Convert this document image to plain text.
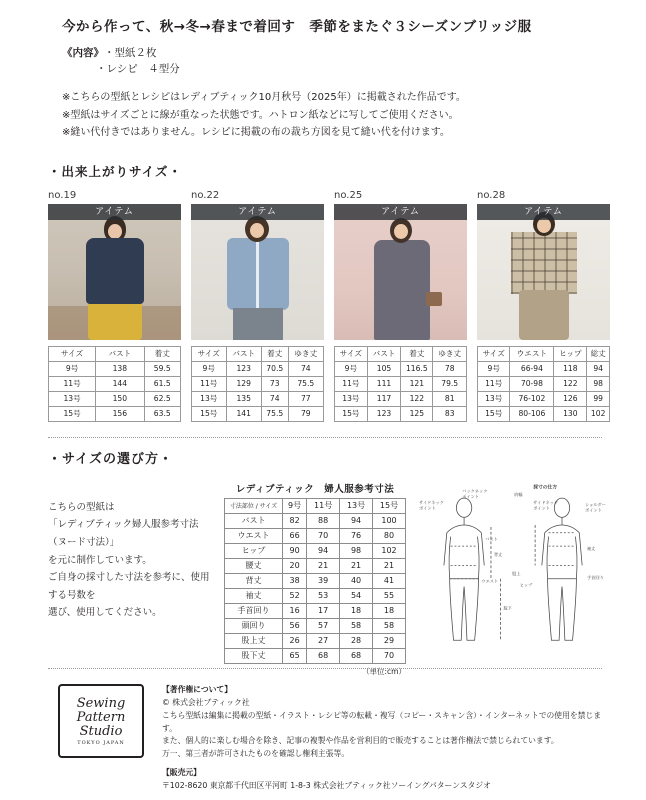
今から作って、秋→冬→春まで着回す　季節をまたぐ３シーズンブリッジ服
《内容》・型紙２枚
・レシピ　４型分
※こちらの型紙とレシピはレディブティック10月秋号（2025年）に掲載された作品です。
※型紙はサイズごとに線が重なった状態です。ハトロン紙などに写してご使用ください。
※縫い代付きではありません。レシピに掲載の布の裁ち方図を見て縫い代を付けます。
・出来上がりサイズ・
no.19
アイテム
サイズ	バスト	着丈
9号	138	59.5
11号	144	61.5
13号	150	62.5
15号	156	63.5
no.22
アイテム
サイズ	バスト	着丈	ゆき丈
9号	123	70.5	74
11号	129	73	75.5
13号	135	74	77
15号	141	75.5	79
no.25
アイテム
サイズ	バスト	着丈	ゆき丈
9号	105	116.5	78
11号	111	121	79.5
13号	117	122	81
15号	123	125	83
no.28
アイテム
サイズ	ウエスト	ヒップ	総丈
9号	66-94	118	94
11号	70-98	122	98
13号	76-102	126	99
15号	80-106	130	102
・サイズの選び方・
こちらの型紙は
「レディブティック婦人服参考寸法（ヌード寸法）」
を元に制作しています。
ご自身の採寸した寸法を参考に、使用する号数を
選び、使用してください。
レディブティック　婦人服参考寸法
寸法部位 / サイズ	9号	11号	13号	15号
バスト	82	88	94	100
ウエスト	66	70	76	80
ヒップ	90	94	98	102
腰丈	20	21	21	21
背丈	38	39	40	41
袖丈	52	53	54	55
手首回り	16	17	18	18
頭回り	56	57	58	58
股上丈	26	27	28	29
股下丈	65	68	68	70
（単位:cm）
サイドネック
ポイント
バックネック
ポイント
バスト
背丈
股下
ウエスト
肩幅
サイドネック
ポイント
ショルダー
ポイント
袖丈
手首回り
ヒップ
股上
採寸の仕方
Sewing
Pattern
Studio
TOKYO JAPAN
【著作権について】
© 株式会社ブティック社
こちら型紙は編集に掲載の型紙・イラスト・レシピ等の転載・複写（コピー・スキャン含）・インターネットでの使用を禁じます。
また、個人的に楽しむ場合を除き、記事の複製や作品を営利目的で販売することは著作権法で禁じられています。
万一、第三者が許可されたものを確認し権利主張等。
【販売元】
〒102-8620 東京都千代田区平河町 1-8-3 株式会社ブティック社ソーイングパターンスタジオ
